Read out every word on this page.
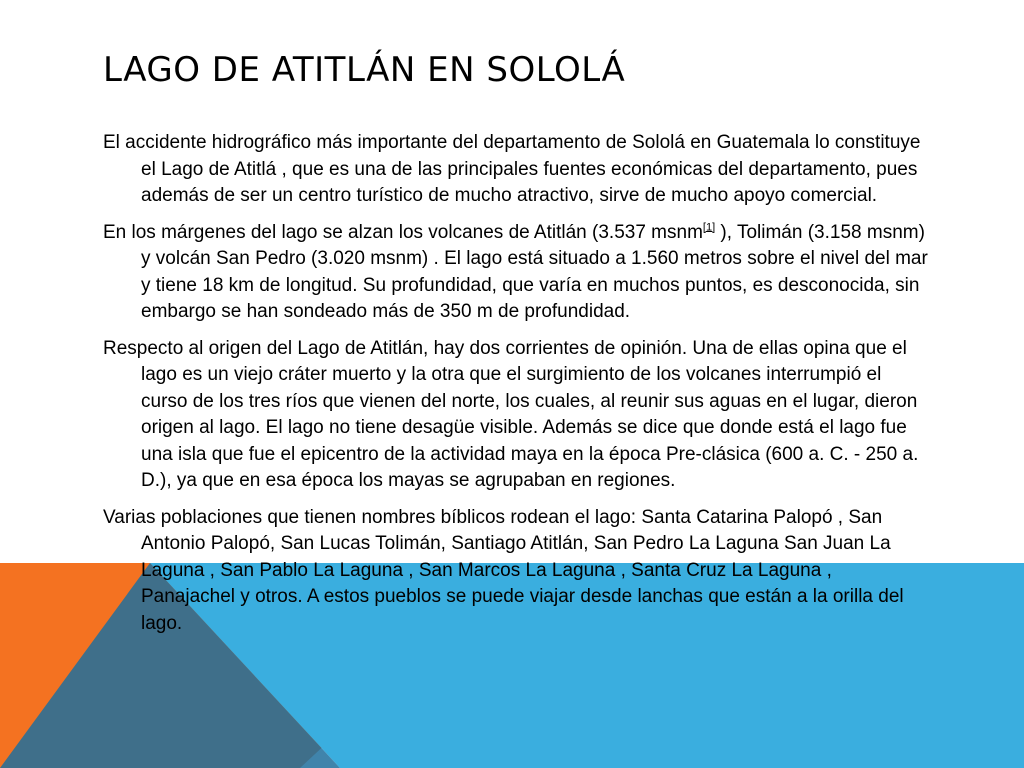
LAGO DE ATITLÁN EN SOLOLÁ

El accidente hidrográfico más importante del departamento de Sololá en Guatemala lo constituye el Lago de Atitlá , que es una de las principales fuentes económicas del departamento, pues además de ser un centro turístico de mucho atractivo, sirve de mucho apoyo comercial.

En los márgenes del lago se alzan los volcanes de Atitlán (3.537 msnm[1] ), Tolimán (3.158 msnm) y volcán San Pedro (3.020 msnm) . El lago está situado a 1.560 metros sobre el nivel del mar y tiene 18 km de longitud. Su profundidad, que varía en muchos puntos, es desconocida, sin embargo se han sondeado más de 350 m de profundidad.

Respecto al origen del Lago de Atitlán, hay dos corrientes de opinión. Una de ellas opina que el lago es un viejo cráter muerto y la otra que el surgimiento de los volcanes interrumpió el curso de los tres ríos que vienen del norte, los cuales, al reunir sus aguas en el lugar, dieron origen al lago. El lago no tiene desagüe visible. Además se dice que donde está el lago fue una isla que fue el epicentro de la actividad maya en la época Pre-clásica (600 a. C. - 250 a. D.), ya que en esa época los mayas se agrupaban en regiones.

Varias poblaciones que tienen nombres bíblicos rodean el lago: Santa Catarina Palopó , San Antonio Palopó, San Lucas Tolimán, Santiago Atitlán, San Pedro La Laguna San Juan La Laguna , San Pablo La Laguna , San Marcos La Laguna , Santa Cruz La Laguna , Panajachel y otros. A estos pueblos se puede viajar desde lanchas que están a la orilla del lago.
